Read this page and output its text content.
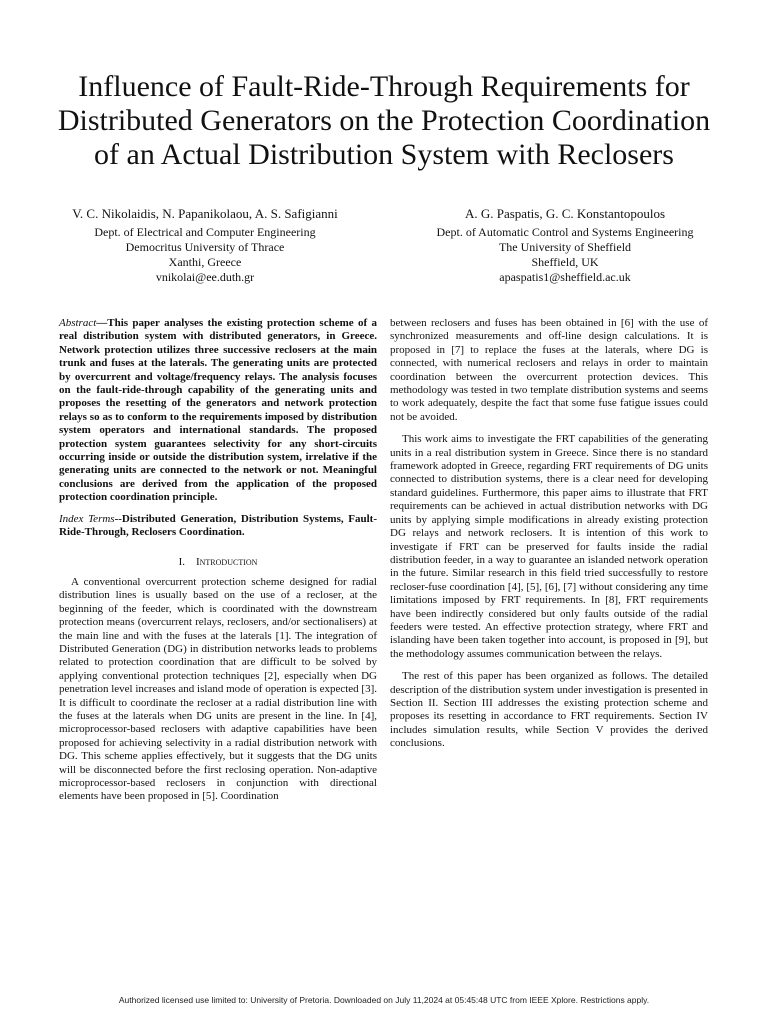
Influence of Fault-Ride-Through Requirements for
Distributed Generators on the Protection Coordination
of an Actual Distribution System with Reclosers
V. C. Nikolaidis, N. Papanikolaou, A. S. Safigianni
Dept. of Electrical and Computer Engineering
Democritus University of Thrace
Xanthi, Greece
vnikolai@ee.duth.gr
A. G. Paspatis, G. C. Konstantopoulos
Dept. of Automatic Control and Systems Engineering
The University of Sheffield
Sheffield, UK
apaspatis1@sheffield.ac.uk

Abstract—This paper analyses the existing protection scheme of a real distribution system with distributed generators, in Greece. Network protection utilizes three successive reclosers at the main trunk and fuses at the laterals. The generating units are protected by overcurrent and voltage/frequency relays. The analysis focuses on the fault-ride-through capability of the generating units and proposes the resetting of the generators and network protection relays so as to conform to the requirements imposed by distribution system operators and international standards. The proposed protection system guarantees selectivity for any short-circuits occurring inside or outside the distribution system, irrelative if the generating units are connected to the network or not. Meaningful conclusions are derived from the application of the proposed protection coordination principle.

Index Terms--Distributed Generation, Distribution Systems, Fault-Ride-Through, Reclosers Coordination.

I. Introduction

A conventional overcurrent protection scheme designed for radial distribution lines is usually based on the use of a recloser, at the beginning of the feeder, which is coordinated with the downstream protection means (overcurrent relays, reclosers, and/or sectionalisers) at the main line and with the fuses at the laterals [1]. The integration of Distributed Generation (DG) in distribution networks leads to problems related to protection coordination that are difficult to be solved by applying conventional protection techniques [2], especially when DG penetration level increases and island mode of operation is expected [3]. It is difficult to coordinate the recloser at a radial distribution line with the fuses at the laterals when DG units are present in the line. In [4], microprocessor-based reclosers with adaptive capabilities have been proposed for achieving selectivity in a radial distribution network with DG. This scheme applies effectively, but it suggests that the DG units will be disconnected before the first reclosing operation. Non-adaptive microprocessor-based reclosers in conjunction with directional elements have been proposed in [5]. Coordination

between reclosers and fuses has been obtained in [6] with the use of synchronized measurements and off-line design calculations. It is proposed in [7] to replace the fuses at the laterals, where DG is connected, with numerical reclosers and relays in order to maintain coordination between the overcurrent protection devices. This methodology was tested in two template distribution systems and seems to work adequately, despite the fact that some fuse fatigue issues could not be avoided.

This work aims to investigate the FRT capabilities of the generating units in a real distribution system in Greece. Since there is no standard framework adopted in Greece, regarding FRT requirements of DG units connected to distribution systems, there is a clear need for developing standard guidelines. Furthermore, this paper aims to illustrate that FRT requirements can be achieved in actual distribution networks with DG units by applying simple modifications in already existing protection DG relays and network reclosers. It is intention of this work to investigate if FRT can be preserved for faults inside the radial distribution feeder, in a way to guarantee an islanded network operation in the future. Similar research in this field tried successfully to restore recloser-fuse coordination [4], [5], [6], [7] without considering any time limitations imposed by FRT requirements. In [8], FRT requirements have been indirectly considered but only faults outside of the radial feeders were tested. An effective protection strategy, where FRT and islanding have been taken together into account, is proposed in [9], but the methodology assumes communication between the relays.

The rest of this paper has been organized as follows. The detailed description of the distribution system under investigation is presented in Section II. Section III addresses the existing protection scheme and proposes its resetting in accordance to FRT requirements. Section IV includes simulation results, while Section V provides the derived conclusions.

Authorized licensed use limited to: University of Pretoria. Downloaded on July 11,2024 at 05:45:48 UTC from IEEE Xplore. Restrictions apply.
